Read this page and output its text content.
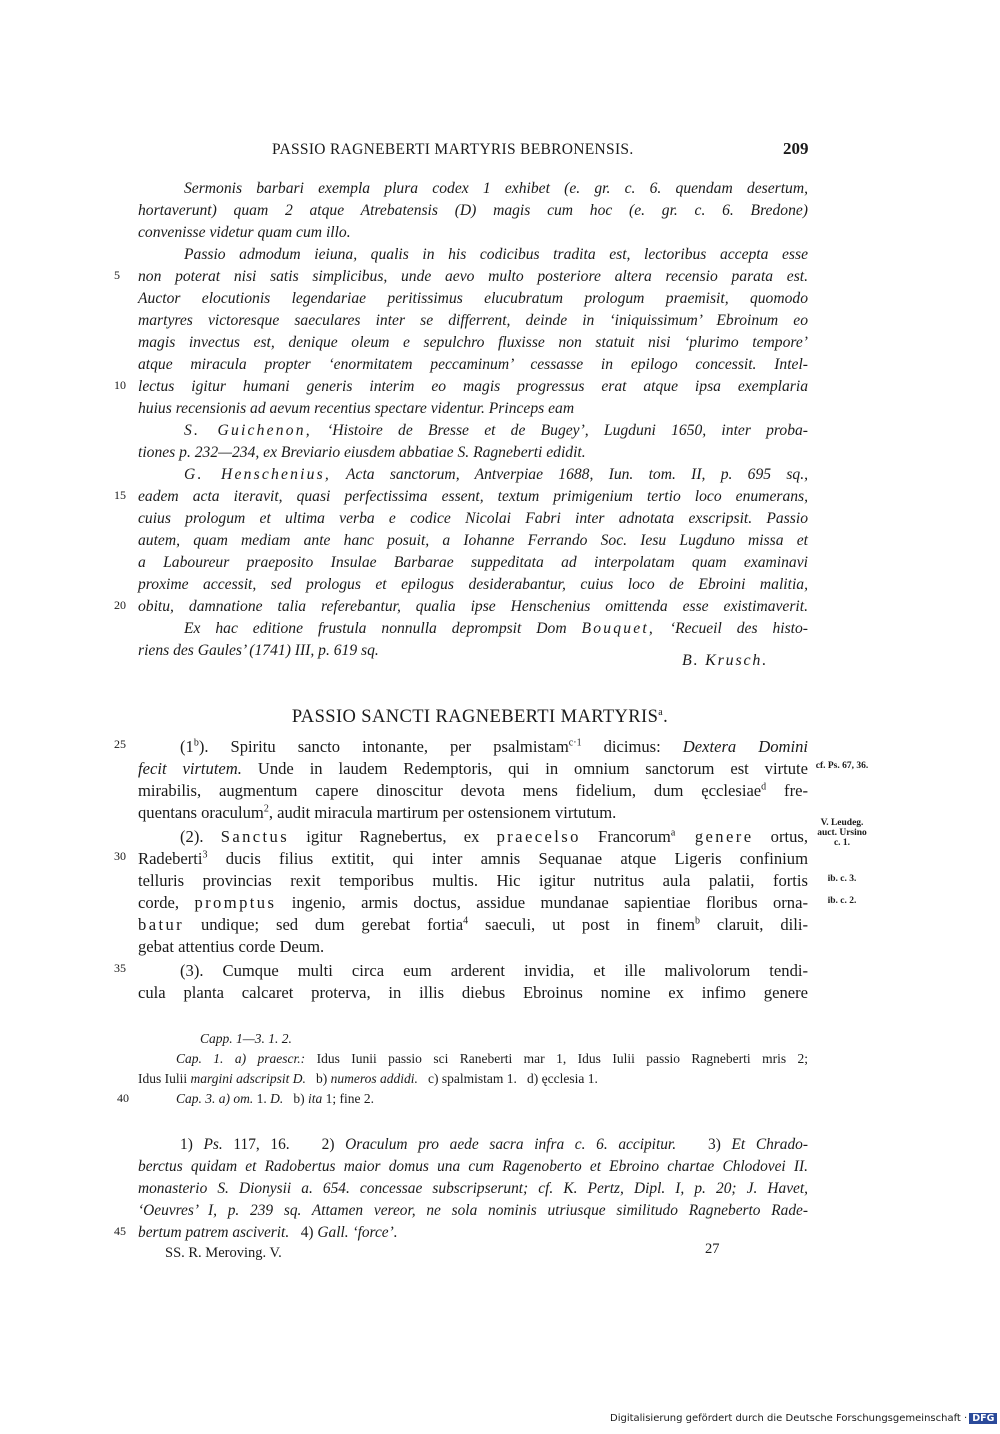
PASSIO RAGNEBERTI MARTYRIS BEBRONENSIS.	209
Sermonis barbari exempla plura codex 1 exhibet (e. gr. c. 6. quendam desertum,
hortaverunt) quam 2 atque Atrebatensis (D) magis cum hoc (e. gr. c. 6. Bredone)
convenisse videtur quam cum illo.
Passio admodum ieiuna, qualis in his codicibus tradita est, lectoribus accepta esse
5 non poterat nisi satis simplicibus, unde aevo multo posteriore altera recensio parata est.
Auctor elocutionis legendariae peritissimus elucubratum prologum praemisit, quomodo
martyres victoresque saeculares inter se differrent, deinde in ‘iniquissimum’ Ebroinum eo
magis invectus est, denique oleum e sepulchro fluxisse non statuit nisi ‘plurimo tempore’
atque miracula propter ‘enormitatem peccaminum’ cessasse in epilogo concessit. Intel-
10 lectus igitur humani generis interim eo magis progressus erat atque ipsa exemplaria
huius recensionis ad aevum recentius spectare videntur. Princeps eam
S. Guichenon, ‘Histoire de Bresse et de Bugey’, Lugduni 1650, inter proba-
tiones p. 232—234, ex Breviario eiusdem abbatiae S. Ragneberti edidit.
G. Henschenius, Acta sanctorum, Antverpiae 1688, Iun. tom. II, p. 695 sq.,
15 eadem acta iteravit, quasi perfectissima essent, textum primigenium tertio loco enumerans,
cuius prologum et ultima verba e codice Nicolai Fabri inter adnotata exscripsit. Passio
autem, quam mediam ante hanc posuit, a Iohanne Ferrando Soc. Iesu Lugduno missa et
a Laboureur praeposito Insulae Barbarae suppeditata ad interpolatam quam examinavi
proxime accessit, sed prologus et epilogus desiderabantur, cuius loco de Ebroini malitia,
20 obitu, damnatione talia referebantur, qualia ipse Henschenius omittenda esse existimaverit.
Ex hac editione frustula nonnulla deprompsit Dom Bouquet, ‘Recueil des histo-
riens des Gaules’ (1741) III, p. 619 sq.
B. Krusch.
PASSIO SANCTI RAGNEBERTI MARTYRIS$^a$.
25	(1$^b$). Spiritu sancto intonante, per psalmistam$^{c\cdot 1}$ dicimus: Dextera Domini
fecit virtutem. Unde in laudem Redemptoris, qui in omnium sanctorum est virtute
mirabilis, augmentum capere dinoscitur devota mens fidelium, dum ęcclesiae$^d$ fre-
quentans oraculum$^2$, audit miracula martirum per ostensionem virtutum.
(2). Sanctus igitur Ragnebertus, ex praecelso Francorum$^a$ genere ortus,
30 Radeberti$^3$ ducis filius extitit, qui inter amnis Sequanae atque Ligeris confinium
telluris provincias rexit temporibus multis. Hic igitur nutritus aula palatii, fortis
corde, promptus ingenio, armis doctus, assidue mundanae sapientiae floribus orna-
batur undique; sed dum gerebat fortia$^4$ saeculi, ut post in finem$^b$ claruit, dili-
gebat attentius corde Deum.
35	(3). Cumque multi circa eum arderent invidia, et ille malivolorum tendi-
cula planta calcaret proterva, in illis diebus Ebroinus nomine ex infimo genere
cf. Ps. 67, 36.
V. Leudeg.
auct. Ursino
c. 1.
ib. c. 3.
ib. c. 2.
Capp. 1—3. 1. 2.
Cap. 1. a) praescr.: Idus Iunii passio sci Raneberti mar 1, Idus Iulii passio Ragneberti mris 2;
Idus Iulii margini adscripsit D.   b) numeros addidi.   c) spalmistam 1.   d) ęcclesia 1.
40	Cap. 3. a) om. 1. D.   b) ita 1; fine 2.
1) Ps. 117, 16.   2) Oraculum pro aede sacra infra c. 6. accipitur.   3) Et Chrado-
berctus quidam et Radobertus maior domus una cum Ragenoberto et Ebroino chartae Chlodovei II.
monasterio S. Dionysii a. 654. concessae subscripserunt; cf. K. Pertz, Dipl. I, p. 20; J. Havet,
‘Oeuvres’ I, p. 239 sq. Attamen vereor, ne sola nominis utriusque similitudo Ragneberto Rade-
45 bertum patrem asciverit.   4) Gall. ‘force’.
SS. R. Meroving. V.	27
Digitalisierung gefördert durch die Deutsche Forschungsgemeinschaft · DFG
